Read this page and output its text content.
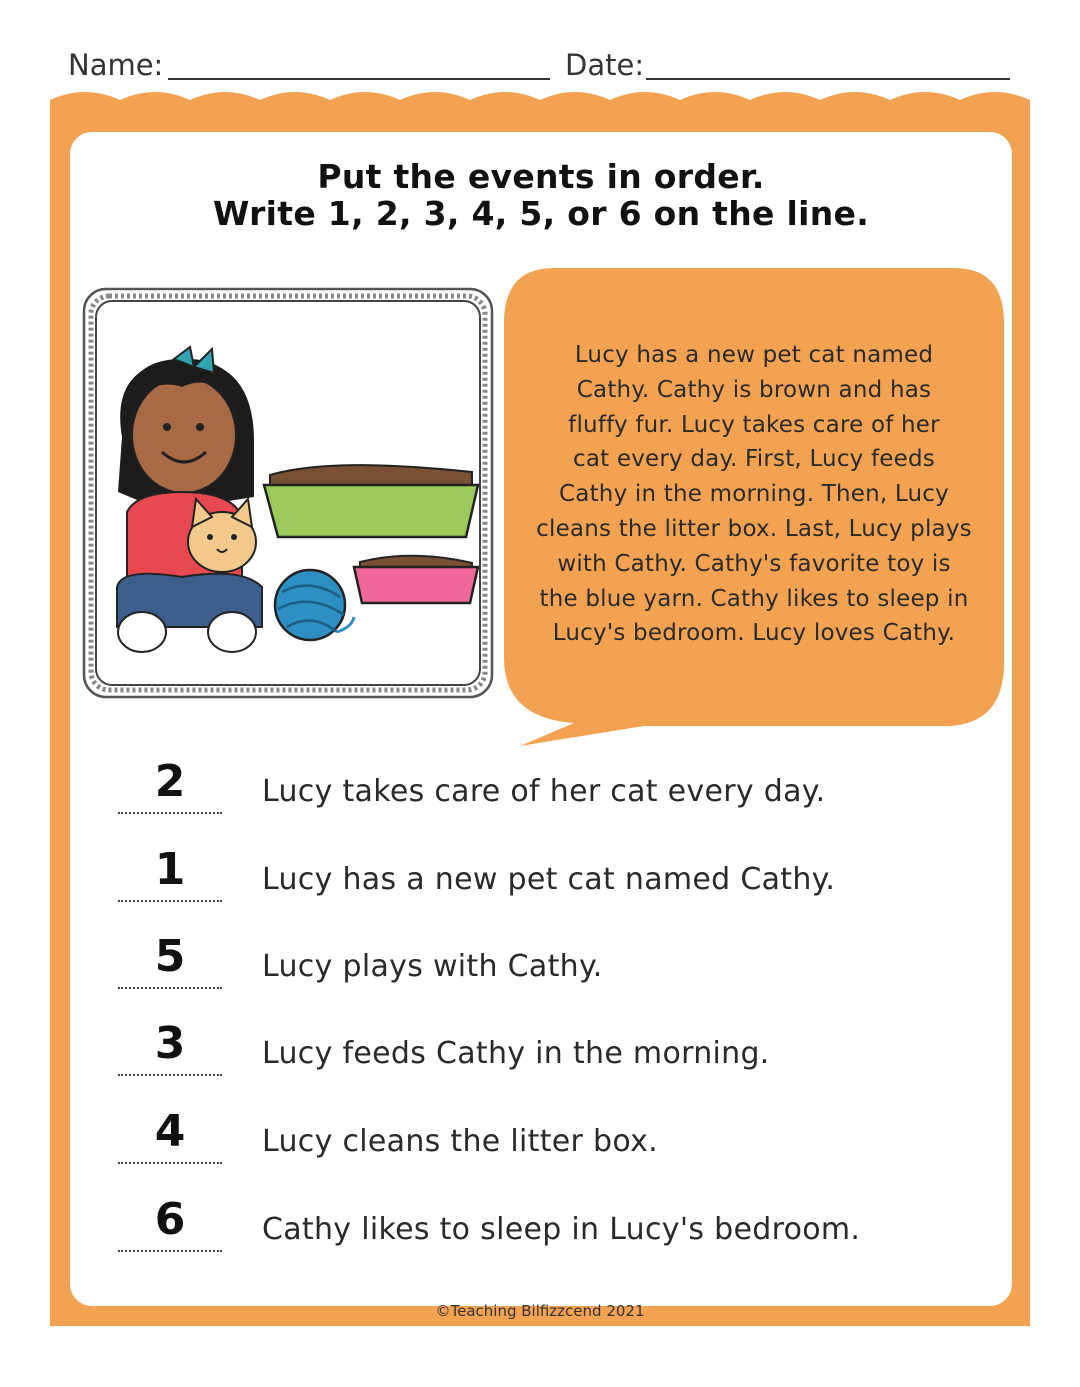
Name:	Date:
Put the events in order.
Write 1, 2, 3, 4, 5, or 6 on the line.
Lucy has a new pet cat named
Cathy. Cathy is brown and has
fluffy fur. Lucy takes care of her
cat every day. First, Lucy feeds
Cathy in the morning. Then, Lucy
cleans the litter box. Last, Lucy plays
with Cathy. Cathy's favorite toy is
the blue yarn. Cathy likes to sleep in
Lucy's bedroom. Lucy loves Cathy.
2	Lucy takes care of her cat every day.
1	Lucy has a new pet cat named Cathy.
5	Lucy plays with Cathy.
3	Lucy feeds Cathy in the morning.
4	Lucy cleans the litter box.
6	Cathy likes to sleep in Lucy's bedroom.
©Teaching Bilfizzcend 2021
